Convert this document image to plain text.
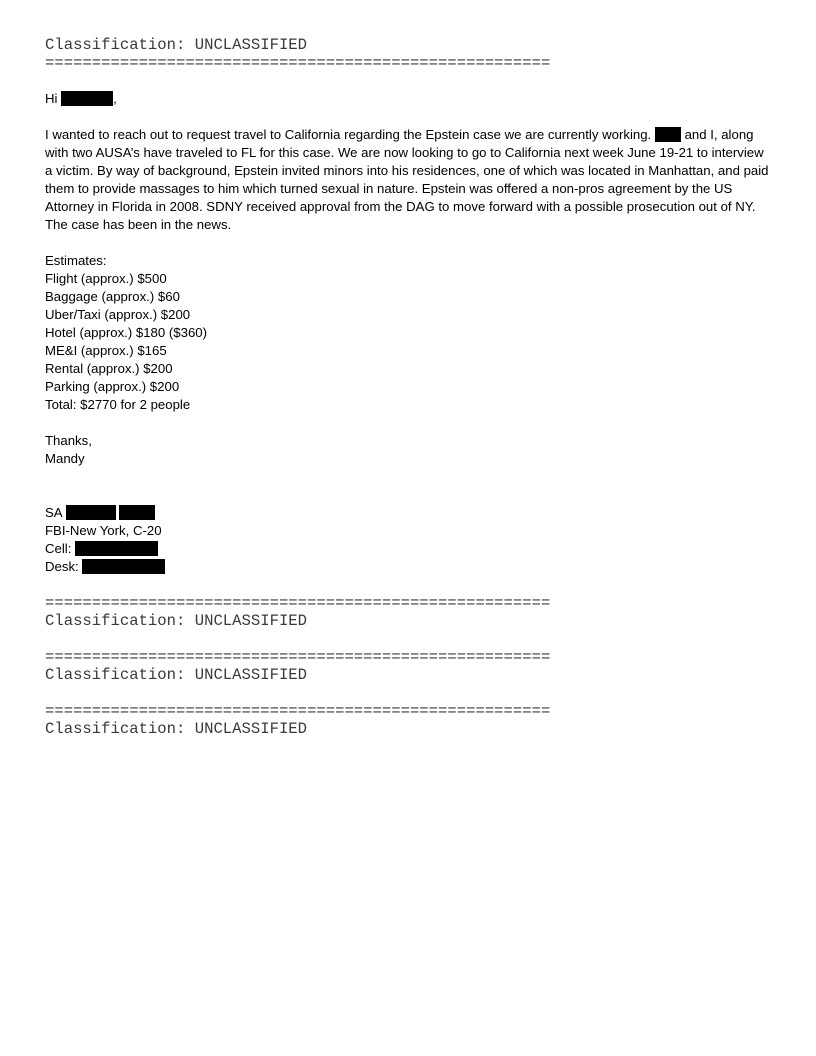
Classification: UNCLASSIFIED
======================================================
Hi	,

I wanted to reach out to request travel to California regarding the Epstein case we are currently working.	and I, along with two AUSA’s have traveled to FL for this case. We are now looking to go to California next week June 19-21 to interview a victim. By way of background, Epstein invited minors into his residences, one of which was located in Manhattan, and paid them to provide massages to him which turned sexual in nature. Epstein was offered a non-pros agreement by the US Attorney in Florida in 2008. SDNY received approval from the DAG to move forward with a possible prosecution out of NY. The case has been in the news.

Estimates:
Flight (approx.) $500
Baggage (approx.) $60
Uber/Taxi (approx.) $200
Hotel (approx.) $180 ($360)
ME&I (approx.) $165
Rental (approx.) $200
Parking (approx.) $200
Total: $2770 for 2 people
Thanks,
Mandy
SA
FBI-New York, C-20
Cell:
Desk:
======================================================
Classification: UNCLASSIFIED
======================================================
Classification: UNCLASSIFIED
======================================================
Classification: UNCLASSIFIED
